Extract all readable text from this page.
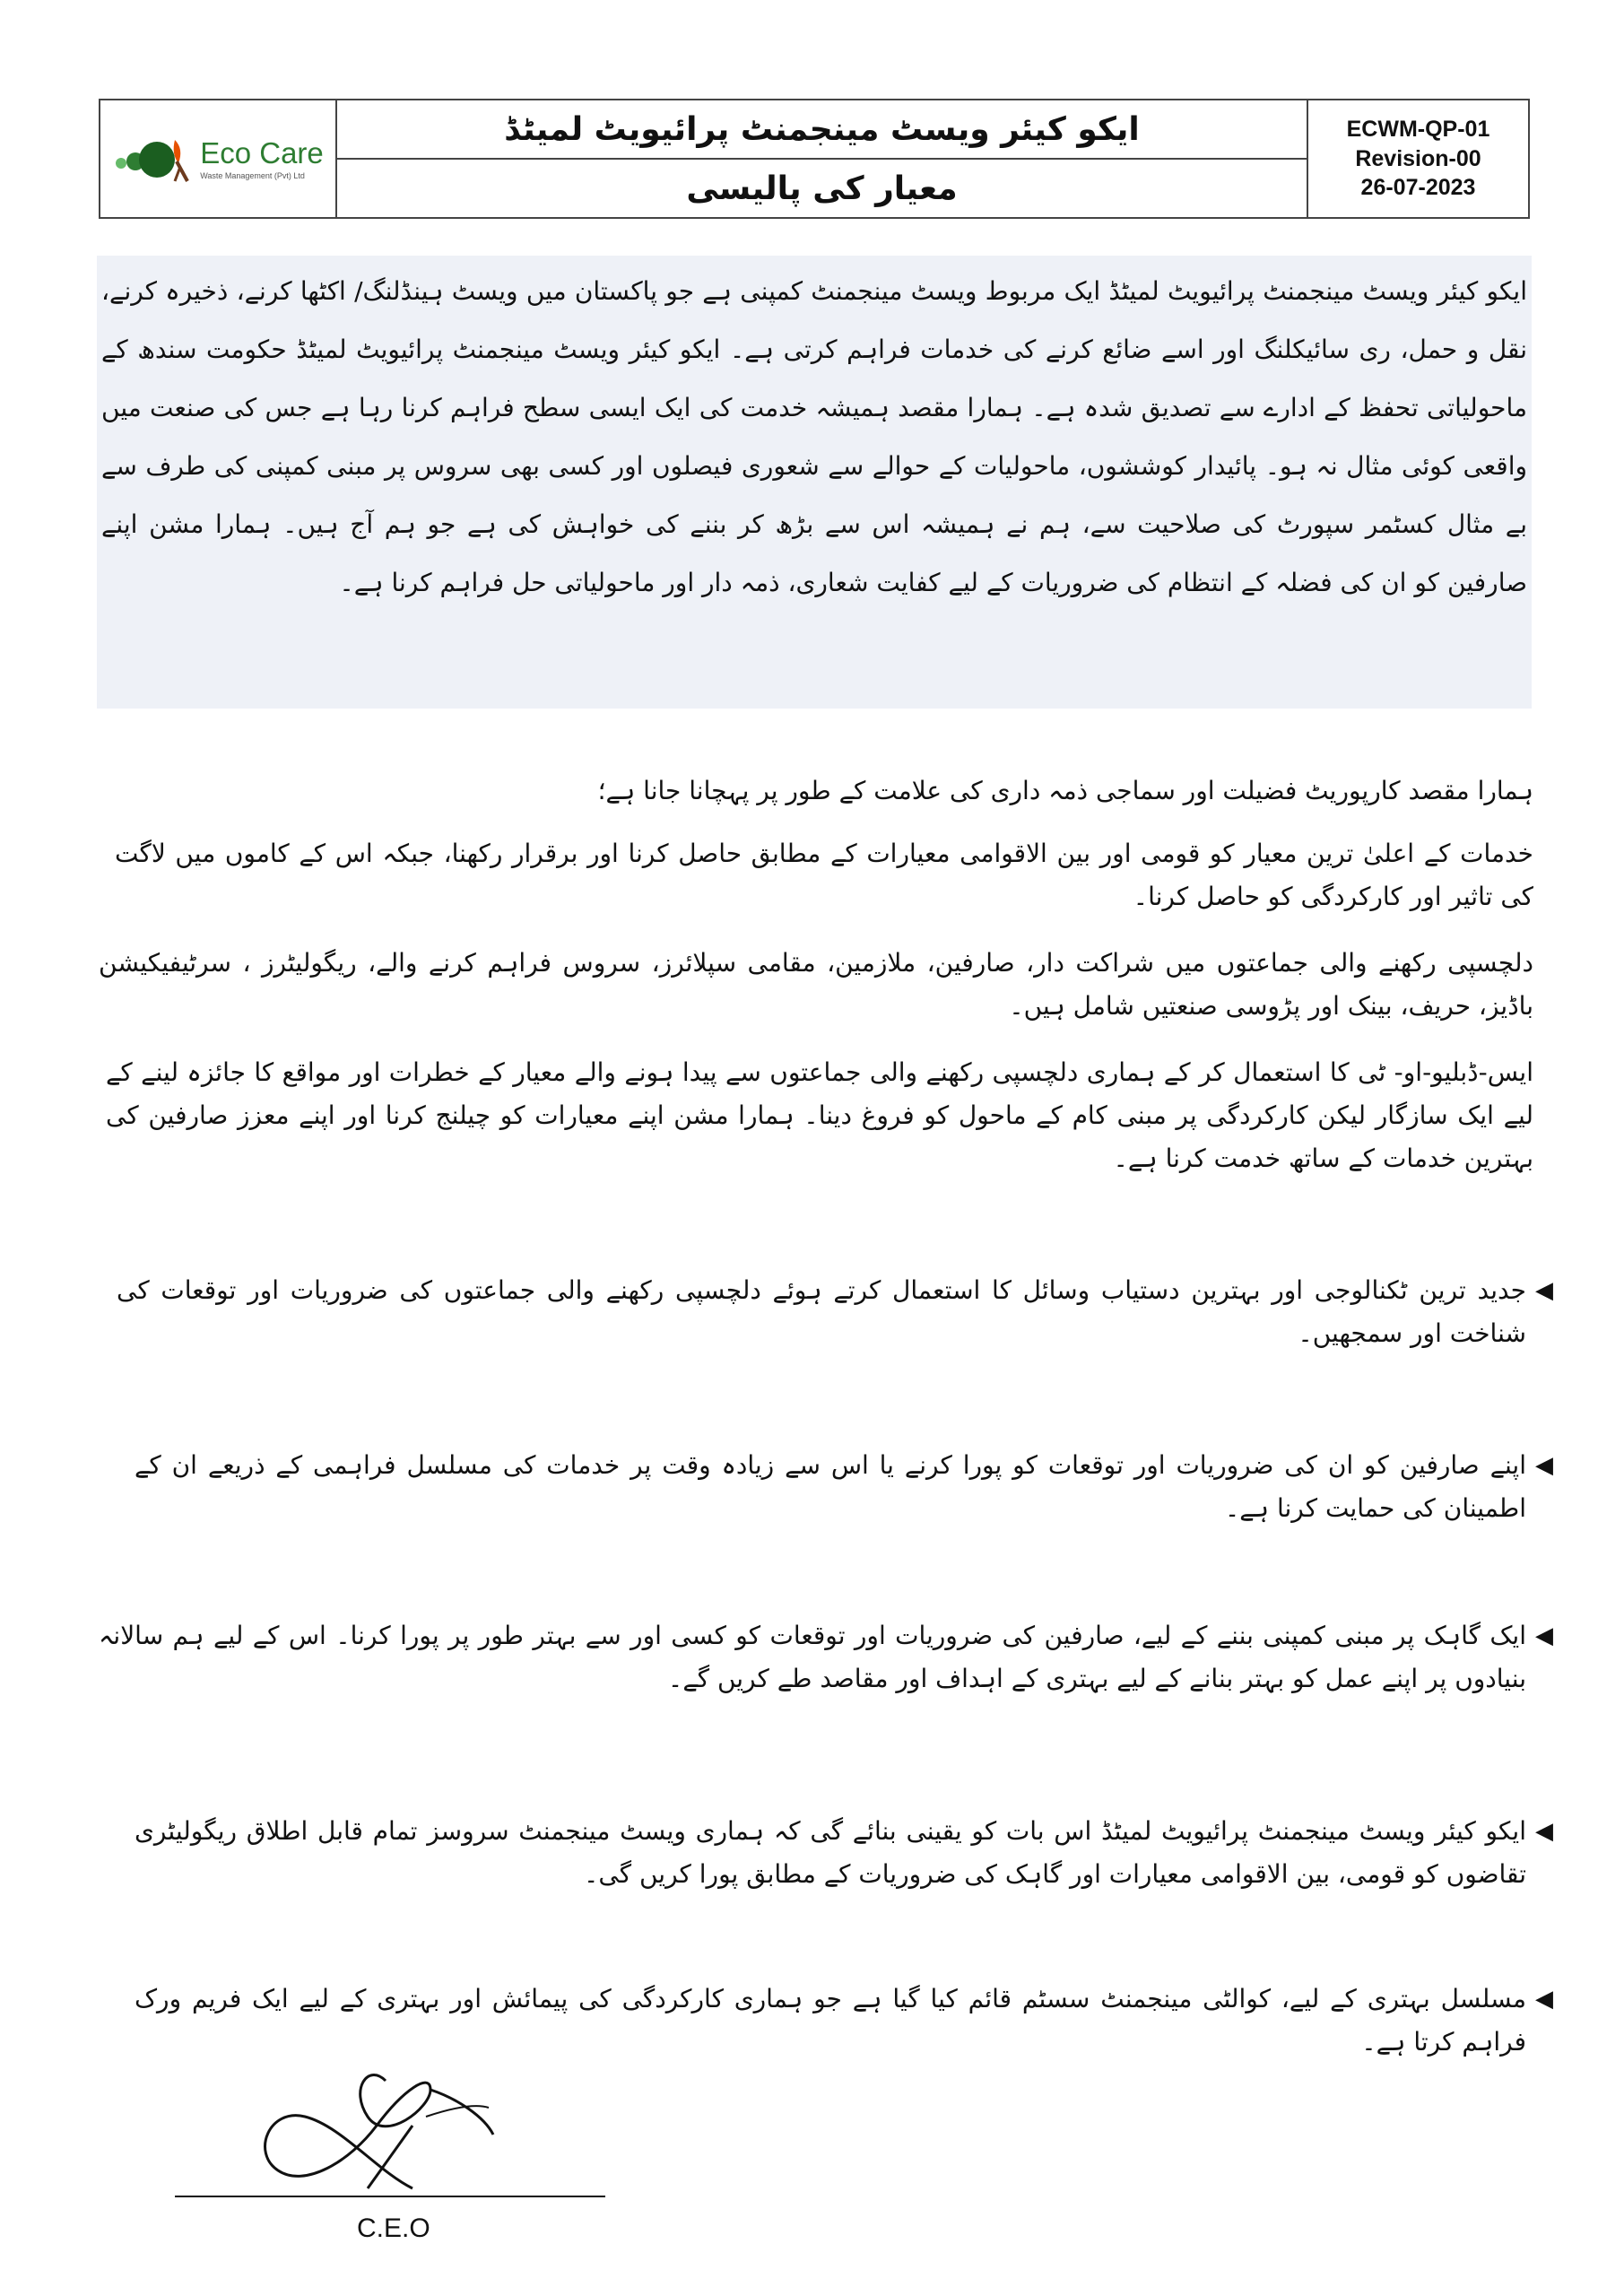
Eco Care
Waste Management (Pvt) Ltd
ایکو کیئر ویسٹ مینجمنٹ پرائیویٹ لمیٹڈ
معیار کی پالیسی
ECWM-QP-01
Revision-00
26-07-2023
ایکو کیئر ویسٹ مینجمنٹ پرائیویٹ لمیٹڈ ایک مربوط ویسٹ مینجمنٹ کمپنی ہے جو پاکستان میں ویسٹ ہینڈلنگ/ اکٹھا کرنے، ذخیرہ کرنے، نقل و حمل، ری سائیکلنگ اور اسے ضائع کرنے کی خدمات فراہم کرتی ہے۔ ایکو کیئر ویسٹ مینجمنٹ پرائیویٹ لمیٹڈ حکومت سندھ کے ماحولیاتی تحفظ کے ادارے سے تصدیق شدہ ہے۔ ہمارا مقصد ہمیشہ خدمت کی ایک ایسی سطح فراہم کرنا رہا ہے جس کی صنعت میں واقعی کوئی مثال نہ ہو۔ پائیدار کوششوں، ماحولیات کے حوالے سے شعوری فیصلوں اور کسی بھی سروس پر مبنی کمپنی کی طرف سے بے مثال کسٹمر سپورٹ کی صلاحیت سے، ہم نے ہمیشہ اس سے بڑھ کر بننے کی خواہش کی ہے جو ہم آج ہیں۔ ہمارا مشن اپنے صارفین کو ان کی فضلہ کے انتظام کی ضروریات کے لیے کفایت شعاری، ذمہ دار اور ماحولیاتی حل فراہم کرنا ہے۔
ہمارا مقصد کارپوریٹ فضیلت اور سماجی ذمہ داری کی علامت کے طور پر پہچانا جانا ہے؛
خدمات کے اعلیٰ ترین معیار کو قومی اور بین الاقوامی معیارات کے مطابق حاصل کرنا اور برقرار رکھنا، جبکہ اس کے کاموں میں لاگت کی تاثیر اور کارکردگی کو حاصل کرنا۔
دلچسپی رکھنے والی جماعتوں میں شراکت دار، صارفین، ملازمین، مقامی سپلائرز، سروس فراہم کرنے والے، ریگولیٹرز ، سرٹیفیکیشن باڈیز، حریف، بینک اور پڑوسی صنعتیں شامل ہیں۔
ایس-ڈبلیو-او- ٹی کا استعمال کر کے ہماری دلچسپی رکھنے والی جماعتوں سے پیدا ہونے والے معیار کے خطرات اور مواقع کا جائزہ لینے کے لیے ایک سازگار لیکن کارکردگی پر مبنی کام کے ماحول کو فروغ دینا۔ ہمارا مشن اپنے معیارات کو چیلنج کرنا اور اپنے معزز صارفین کی بہترین خدمات کے ساتھ خدمت کرنا ہے۔
◀
جدید ترین ٹکنالوجی اور بہترین دستیاب وسائل کا استعمال کرتے ہوئے دلچسپی رکھنے والی جماعتوں کی ضروریات اور توقعات کی شناخت اور سمجھیں۔
◀
اپنے صارفین کو ان کی ضروریات اور توقعات کو پورا کرنے یا اس سے زیادہ وقت پر خدمات کی مسلسل فراہمی کے ذریعے ان کے اطمینان کی حمایت کرنا ہے۔
◀
ایک گاہک پر مبنی کمپنی بننے کے لیے، صارفین کی ضروریات اور توقعات کو کسی اور سے بہتر طور پر پورا کرنا۔ اس کے لیے ہم سالانہ بنیادوں پر اپنے عمل کو بہتر بنانے کے لیے بہتری کے اہداف اور مقاصد طے کریں گے۔
◀
ایکو کیئر ویسٹ مینجمنٹ پرائیویٹ لمیٹڈ اس بات کو یقینی بنائے گی کہ ہماری ویسٹ مینجمنٹ سروسز تمام قابل اطلاق ریگولیٹری تقاضوں کو قومی، بین الاقوامی معیارات اور گاہک کی ضروریات کے مطابق پورا کریں گی۔
◀
مسلسل بہتری کے لیے، کوالٹی مینجمنٹ سسٹم قائم کیا گیا ہے جو ہماری کارکردگی کی پیمائش اور بہتری کے لیے ایک فریم ورک فراہم کرتا ہے۔
C.E.O
